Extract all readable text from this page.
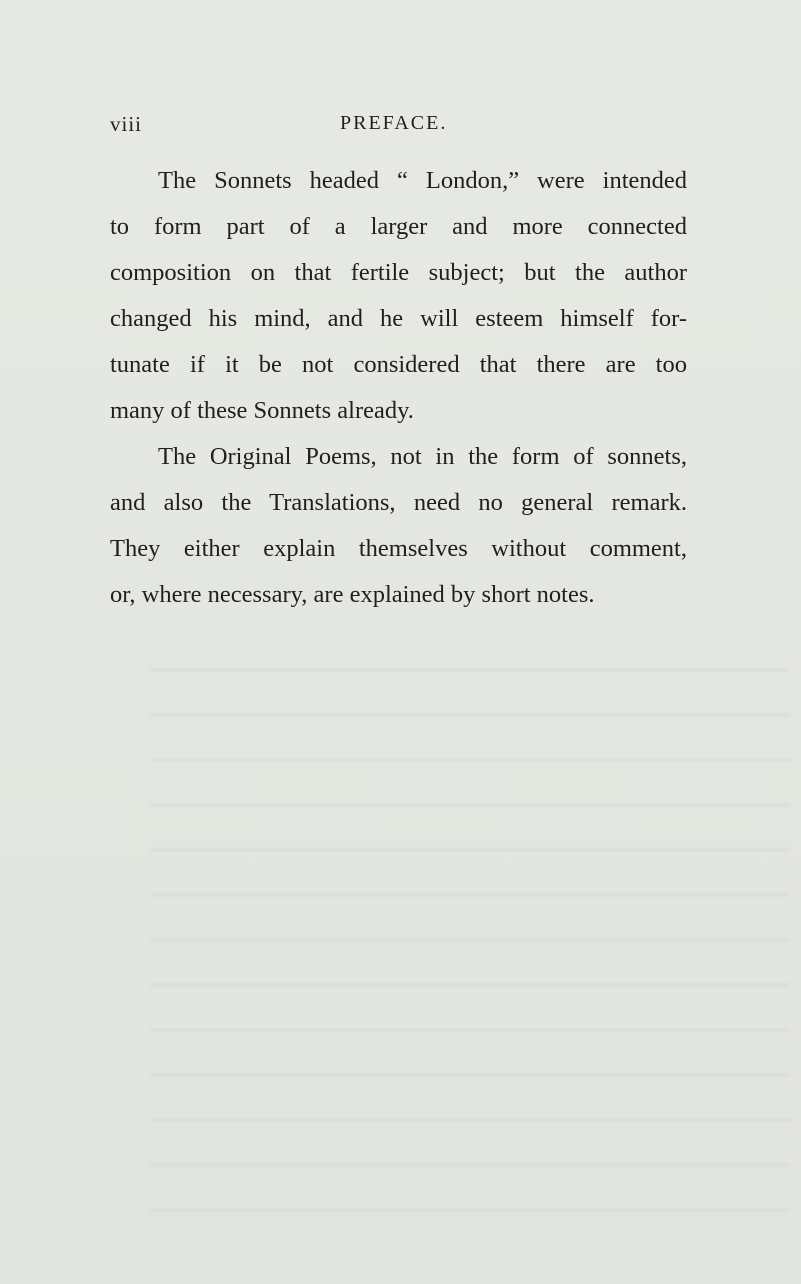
viii	PREFACE.
The Sonnets headed “ London,” were intended
to form part of a larger and more connected
composition on that fertile subject; but the author
changed his mind, and he will esteem himself for-
tunate if it be not considered that there are too
many of these Sonnets already.
The Original Poems, not in the form of sonnets,
and also the Translations, need no general remark.
They either explain themselves without comment,
or, where necessary, are explained by short notes.
